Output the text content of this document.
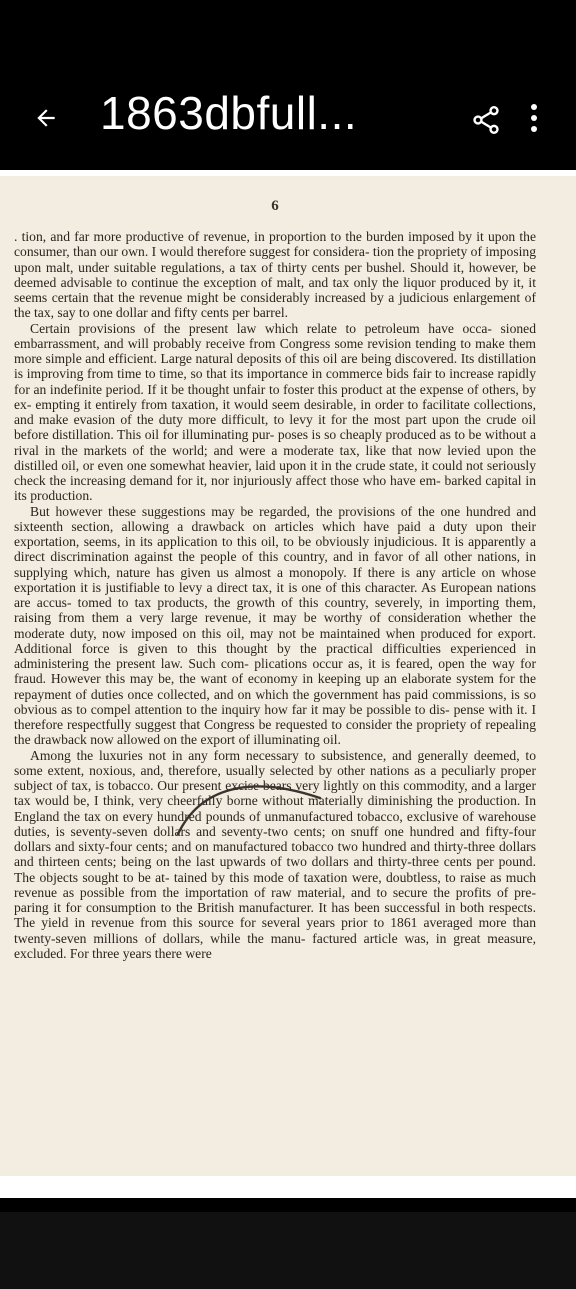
1863dbfull...
6

. tion, and far more productive of revenue, in proportion to the burden imposed by it upon the consumer, than our own. I would therefore suggest for considera- tion the propriety of imposing upon malt, under suitable regulations, a tax of thirty cents per bushel. Should it, however, be deemed advisable to continue the exception of malt, and tax only the liquor produced by it, it seems certain that the revenue might be considerably increased by a judicious enlargement of the tax, say to one dollar and fifty cents per barrel.

Certain provisions of the present law which relate to petroleum have occa- sioned embarrassment, and will probably receive from Congress some revision tending to make them more simple and efficient. Large natural deposits of this oil are being discovered. Its distillation is improving from time to time, so that its importance in commerce bids fair to increase rapidly for an indefinite period. If it be thought unfair to foster this product at the expense of others, by ex- empting it entirely from taxation, it would seem desirable, in order to facilitate collections, and make evasion of the duty more difficult, to levy it for the most part upon the crude oil before distillation. This oil for illuminating pur- poses is so cheaply produced as to be without a rival in the markets of the world; and were a moderate tax, like that now levied upon the distilled oil, or even one somewhat heavier, laid upon it in the crude state, it could not seriously check the increasing demand for it, nor injuriously affect those who have em- barked capital in its production.

But however these suggestions may be regarded, the provisions of the one hundred and sixteenth section, allowing a drawback on articles which have paid a duty upon their exportation, seems, in its application to this oil, to be obviously injudicious. It is apparently a direct discrimination against the people of this country, and in favor of all other nations, in supplying which, nature has given us almost a monopoly. If there is any article on whose exportation it is justifiable to levy a direct tax, it is one of this character. As European nations are accus- tomed to tax products, the growth of this country, severely, in importing them, raising from them a very large revenue, it may be worthy of consideration whether the moderate duty, now imposed on this oil, may not be maintained when produced for export. Additional force is given to this thought by the practical difficulties experienced in administering the present law. Such com- plications occur as, it is feared, open the way for fraud. However this may be, the want of economy in keeping up an elaborate system for the repayment of duties once collected, and on which the government has paid commissions, is so obvious as to compel attention to the inquiry how far it may be possible to dis- pense with it. I therefore respectfully suggest that Congress be requested to consider the propriety of repealing the drawback now allowed on the export of illuminating oil.

Among the luxuries not in any form necessary to subsistence, and generally deemed, to some extent, noxious, and, therefore, usually selected by other nations as a peculiarly proper subject of tax, is tobacco. Our present excise bears very lightly on this commodity, and a larger tax would be, I think, very cheerfully borne without materially diminishing the production. In England the tax on every hundred pounds of unmanufactured tobacco, exclusive of warehouse duties, is seventy-seven dollars and seventy-two cents; on snuff one hundred and fifty-four dollars and sixty-four cents; and on manufactured tobacco two hundred and thirty-three dollars and thirteen cents; being on the last upwards of two dollars and thirty-three cents per pound. The objects sought to be at- tained by this mode of taxation were, doubtless, to raise as much revenue as possible from the importation of raw material, and to secure the profits of pre- paring it for consumption to the British manufacturer. It has been successful in both respects. The yield in revenue from this source for several years prior to 1861 averaged more than twenty-seven millions of dollars, while the manu- factured article was, in great measure, excluded. For three years there were
